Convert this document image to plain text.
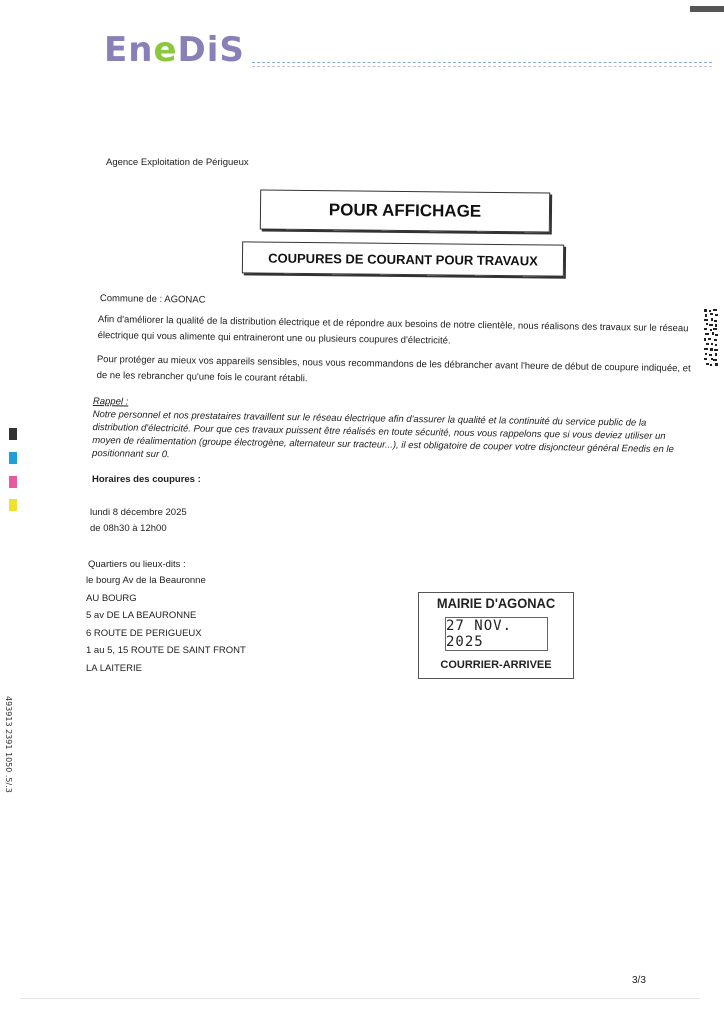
EneDiS
Agence Exploitation de Périgueux
POUR AFFICHAGE
COUPURES DE COURANT POUR TRAVAUX
Commune de : AGONAC
Afin d'améliorer la qualité de la distribution électrique et de répondre aux besoins de notre clientèle, nous réalisons des travaux sur le réseau électrique qui vous alimente qui entraineront une ou plusieurs coupures d'électricité.
Pour protéger au mieux vos appareils sensibles, nous vous recommandons de les débrancher avant l'heure de début de coupure indiquée, et de ne les rebrancher qu'une fois le courant rétabli.
Rappel :
Notre personnel et nos prestataires travaillent sur le réseau électrique afin d'assurer la qualité et la continuité du service public de la distribution d'électricité. Pour que ces travaux puissent être réalisés en toute sécurité, nous vous rappelons que si vous deviez utiliser un moyen de réalimentation (groupe électrogène, alternateur sur tracteur...), il est obligatoire de couper votre disjoncteur général Enedis en le positionnant sur 0.
Horaires des coupures :
lundi 8 décembre 2025
de 08h30 à 12h00
Quartiers ou lieux-dits :
le bourg Av de la Beauronne
AU BOURG
5 av DE LA BEAURONNE
6 ROUTE DE PERIGUEUX
1 au 5, 15 ROUTE DE SAINT FRONT
LA LAITERIE
MAIRIE D'AGONAC
27 NOV. 2025
COURRIER-ARRIVEE
493913 2391 1050 .5/.3
3/3
